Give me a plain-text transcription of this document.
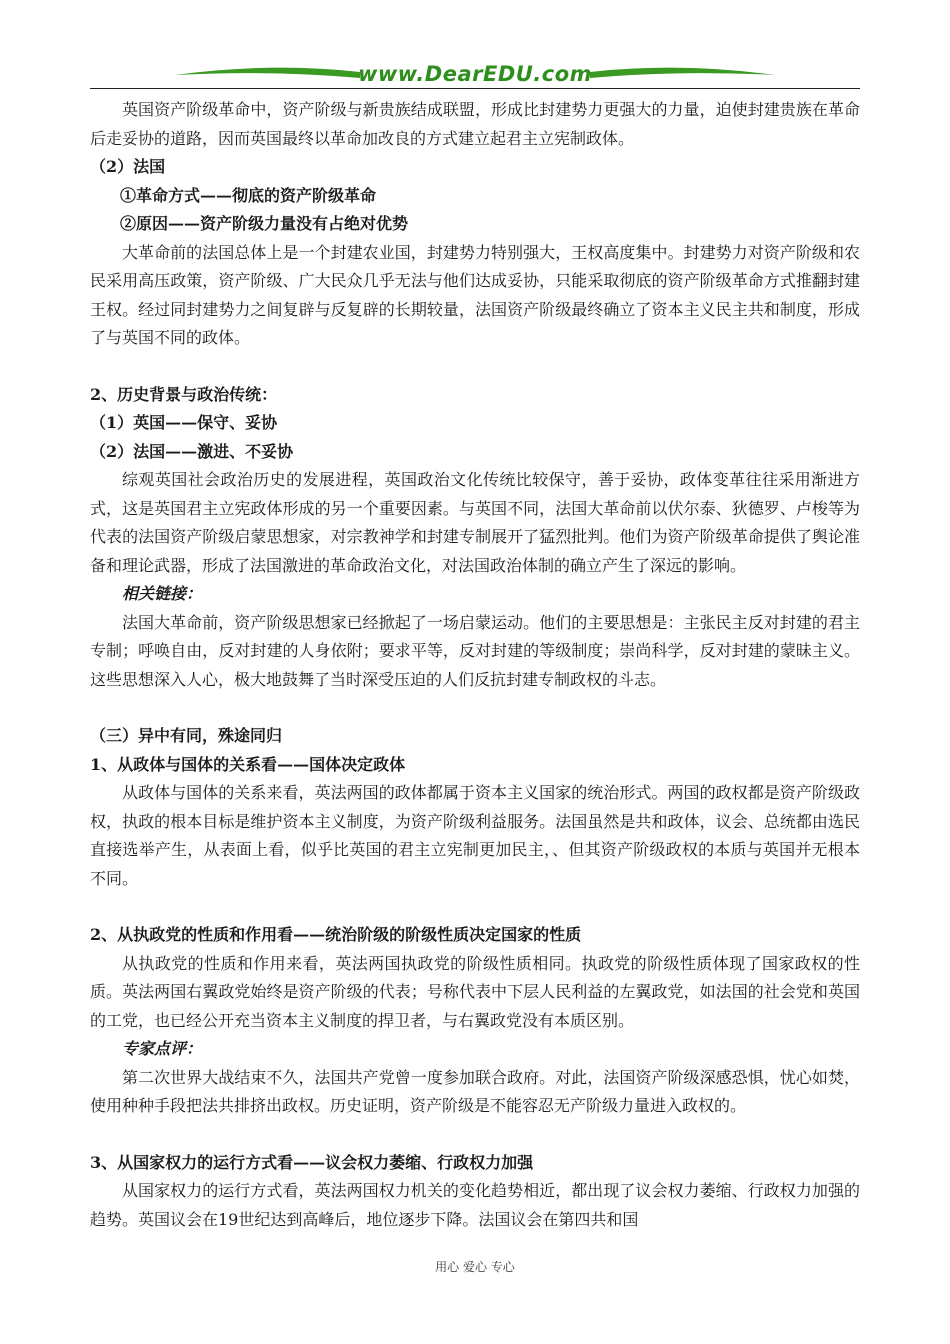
www.DearEDU.com
英国资产阶级革命中，资产阶级与新贵族结成联盟，形成比封建势力更强大的力量，迫使封建贵族在革命后走妥协的道路，因而英国最终以革命加改良的方式建立起君主立宪制政体。
（2）法国
①革命方式——彻底的资产阶级革命
②原因——资产阶级力量没有占绝对优势
大革命前的法国总体上是一个封建农业国，封建势力特别强大，王权高度集中。封建势力对资产阶级和农民采用高压政策，资产阶级、广大民众几乎无法与他们达成妥协，只能采取彻底的资产阶级革命方式推翻封建王权。经过同封建势力之间复辟与反复辟的长期较量，法国资产阶级最终确立了资本主义民主共和制度，形成了与英国不同的政体。
2、历史背景与政治传统：
（1）英国——保守、妥协
（2）法国——激进、不妥协
综观英国社会政治历史的发展进程，英国政治文化传统比较保守，善于妥协，政体变革往往采用渐进方式，这是英国君主立宪政体形成的另一个重要因素。与英国不同，法国大革命前以伏尔泰、狄德罗、卢梭等为代表的法国资产阶级启蒙思想家，对宗教神学和封建专制展开了猛烈批判。他们为资产阶级革命提供了舆论准备和理论武器，形成了法国激进的革命政治文化，对法国政治体制的确立产生了深远的影响。
相关链接：
法国大革命前，资产阶级思想家已经掀起了一场启蒙运动。他们的主要思想是：主张民主反对封建的君主专制；呼唤自由，反对封建的人身依附；要求平等，反对封建的等级制度；崇尚科学，反对封建的蒙昧主义。这些思想深入人心，极大地鼓舞了当时深受压迫的人们反抗封建专制政权的斗志。
（三）异中有同，殊途同归
1、从政体与国体的关系看——国体决定政体
从政体与国体的关系来看，英法两国的政体都属于资本主义国家的统治形式。两国的政权都是资产阶级政权，执政的根本目标是维护资本主义制度，为资产阶级利益服务。法国虽然是共和政体，议会、总统都由选民直接选举产生，从表面上看，似乎比英国的君主立宪制更加民主，、但其资产阶级政权的本质与英国并无根本不同。
2、从执政党的性质和作用看——统治阶级的阶级性质决定国家的性质
从执政党的性质和作用来看，英法两国执政党的阶级性质相同。执政党的阶级性质体现了国家政权的性质。英法两国右翼政党始终是资产阶级的代表；号称代表中下层人民利益的左翼政党，如法国的社会党和英国的工党，也已经公开充当资本主义制度的捍卫者，与右翼政党没有本质区别。
专家点评：
第二次世界大战结束不久，法国共产党曾一度参加联合政府。对此，法国资产阶级深感恐惧，忧心如焚，使用种种手段把法共排挤出政权。历史证明，资产阶级是不能容忍无产阶级力量进入政权的。
3、从国家权力的运行方式看——议会权力萎缩、行政权力加强
从国家权力的运行方式看，英法两国权力机关的变化趋势相近，都出现了议会权力萎缩、行政权力加强的趋势。英国议会在19世纪达到高峰后，地位逐步下降。法国议会在第四共和国
用心 爱心 专心
